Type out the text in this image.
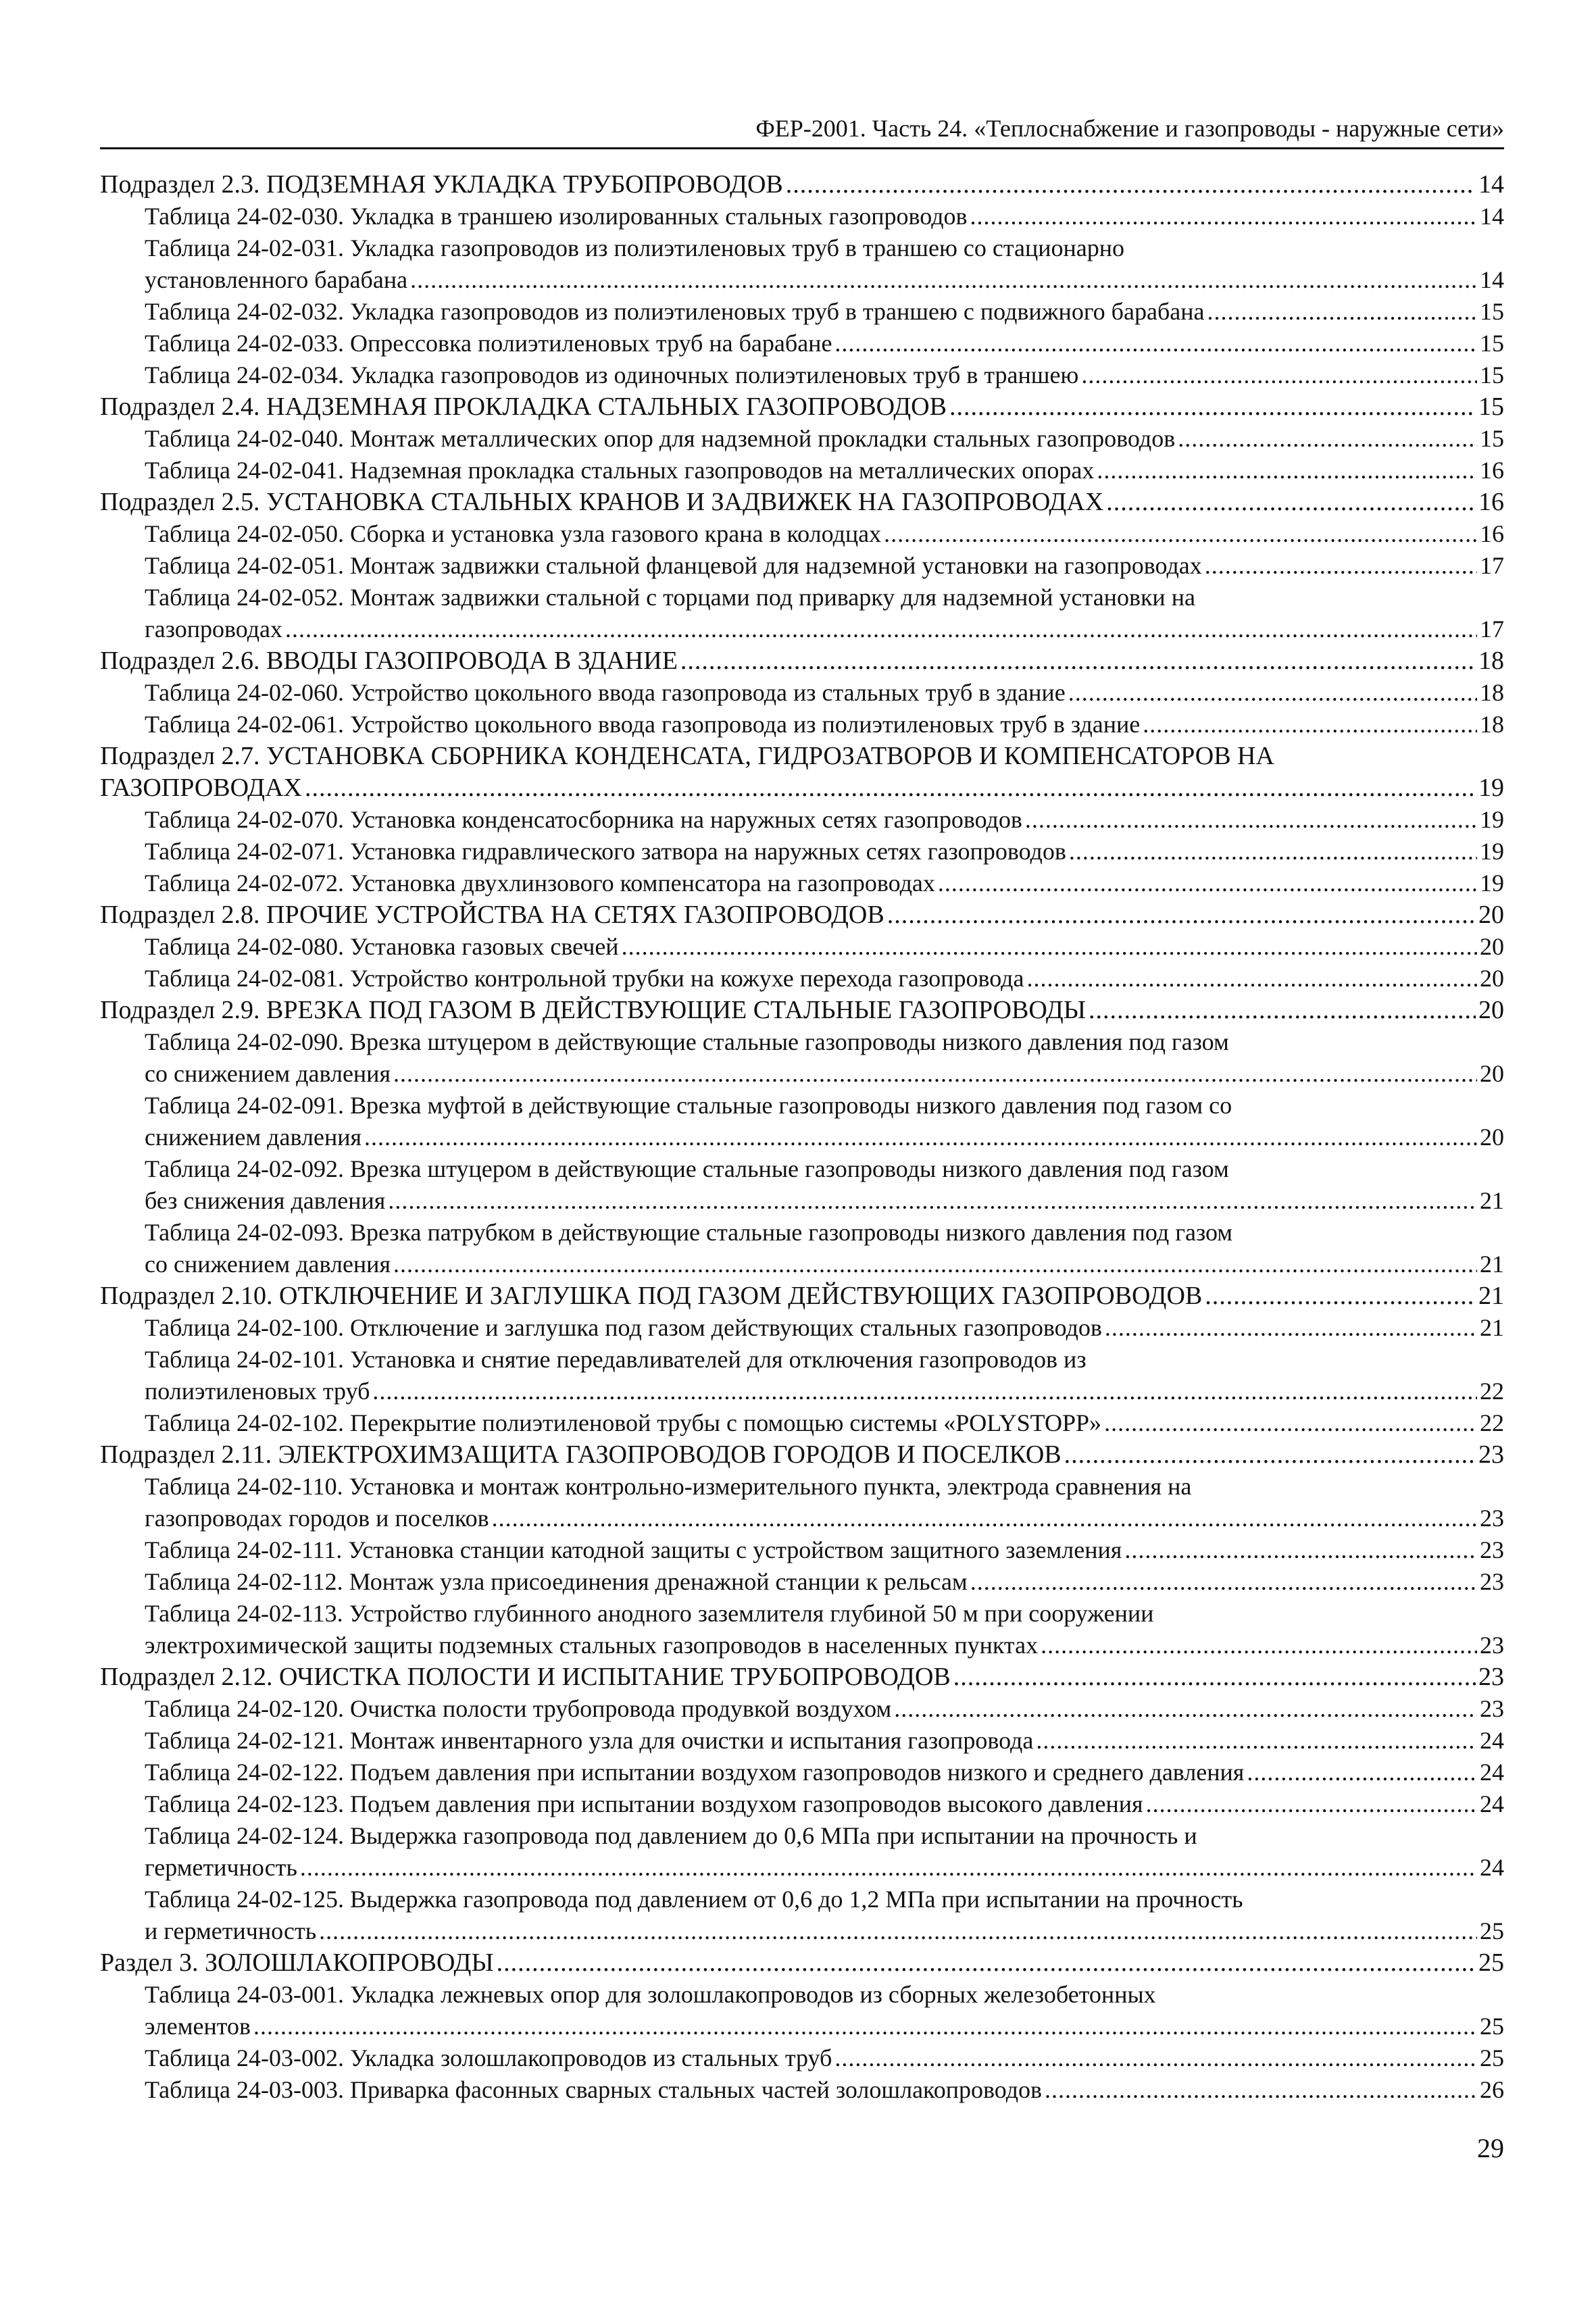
ФЕР-2001. Часть 24. «Теплоснабжение и газопроводы - наружные сети»
Подраздел 2.3. ПОДЗЕМНАЯ УКЛАДКА ТРУБОПРОВОДОВ .....	14
Таблица 24-02-030. Укладка в траншею изолированных стальных газопроводов .....	14
Таблица 24-02-031. Укладка газопроводов из полиэтиленовых труб в траншею со стационарно
установленного барабана .....	14
Таблица 24-02-032. Укладка газопроводов из полиэтиленовых труб в траншею с подвижного барабана .....	15
Таблица 24-02-033. Опрессовка полиэтиленовых труб на барабане .....	15
Таблица 24-02-034. Укладка газопроводов из одиночных полиэтиленовых труб в траншею .....	15
Подраздел 2.4. НАДЗЕМНАЯ ПРОКЛАДКА СТАЛЬНЫХ ГАЗОПРОВОДОВ .....	15
Таблица 24-02-040. Монтаж металлических опор для надземной прокладки стальных газопроводов .....	15
Таблица 24-02-041. Надземная прокладка стальных газопроводов на металлических опорах .....	16
Подраздел 2.5. УСТАНОВКА СТАЛЬНЫХ КРАНОВ И ЗАДВИЖЕК НА ГАЗОПРОВОДАХ .....	16
Таблица 24-02-050. Сборка и установка узла газового крана в колодцах .....	16
Таблица 24-02-051. Монтаж задвижки стальной фланцевой для надземной установки на газопроводах .....	17
Таблица 24-02-052. Монтаж задвижки стальной с торцами под приварку для надземной установки на
газопроводах .....	17
Подраздел 2.6. ВВОДЫ ГАЗОПРОВОДА В ЗДАНИЕ .....	18
Таблица 24-02-060. Устройство цокольного ввода газопровода из стальных труб в здание .....	18
Таблица 24-02-061. Устройство цокольного ввода газопровода из полиэтиленовых труб в здание .....	18
Подраздел 2.7. УСТАНОВКА СБОРНИКА КОНДЕНСАТА, ГИДРОЗАТВОРОВ И КОМПЕНСАТОРОВ НА
ГАЗОПРОВОДАХ .....	19
Таблица 24-02-070. Установка конденсатосборника на наружных сетях газопроводов .....	19
Таблица 24-02-071. Установка гидравлического затвора на наружных сетях газопроводов .....	19
Таблица 24-02-072. Установка двухлинзового компенсатора на газопроводах .....	19
Подраздел 2.8. ПРОЧИЕ УСТРОЙСТВА НА СЕТЯХ ГАЗОПРОВОДОВ .....	20
Таблица 24-02-080. Установка газовых свечей .....	20
Таблица 24-02-081. Устройство контрольной трубки на кожухе перехода газопровода .....	20
Подраздел 2.9. ВРЕЗКА ПОД ГАЗОМ В ДЕЙСТВУЮЩИЕ СТАЛЬНЫЕ ГАЗОПРОВОДЫ .....	20
Таблица 24-02-090. Врезка штуцером в действующие стальные газопроводы низкого давления под газом
со снижением давления .....	20
Таблица 24-02-091. Врезка муфтой в действующие стальные газопроводы низкого давления под газом со
снижением давления .....	20
Таблица 24-02-092. Врезка штуцером в действующие стальные газопроводы низкого давления под газом
без снижения давления .....	21
Таблица 24-02-093. Врезка патрубком в действующие стальные газопроводы низкого давления под газом
со снижением давления .....	21
Подраздел 2.10. ОТКЛЮЧЕНИЕ И ЗАГЛУШКА ПОД ГАЗОМ ДЕЙСТВУЮЩИХ ГАЗОПРОВОДОВ .....	21
Таблица 24-02-100. Отключение и заглушка под газом действующих стальных газопроводов .....	21
Таблица 24-02-101. Установка и снятие передавливателей для отключения газопроводов из
полиэтиленовых труб .....	22
Таблица 24-02-102. Перекрытие полиэтиленовой трубы с помощью системы «POLYSTOPP» .....	22
Подраздел 2.11. ЭЛЕКТРОХИМЗАЩИТА ГАЗОПРОВОДОВ ГОРОДОВ И ПОСЕЛКОВ .....	23
Таблица 24-02-110. Установка и монтаж контрольно-измерительного пункта, электрода сравнения на
газопроводах городов и поселков .....	23
Таблица 24-02-111. Установка станции катодной защиты с устройством защитного заземления .....	23
Таблица 24-02-112. Монтаж узла присоединения дренажной станции к рельсам .....	23
Таблица 24-02-113. Устройство глубинного анодного заземлителя глубиной 50 м при сооружении
электрохимической защиты подземных стальных газопроводов в населенных пунктах .....	23
Подраздел 2.12. ОЧИСТКА ПОЛОСТИ И ИСПЫТАНИЕ ТРУБОПРОВОДОВ .....	23
Таблица 24-02-120. Очистка полости трубопровода продувкой воздухом .....	23
Таблица 24-02-121. Монтаж инвентарного узла для очистки и испытания газопровода .....	24
Таблица 24-02-122. Подъем давления при испытании воздухом газопроводов низкого и среднего давления .....	24
Таблица 24-02-123. Подъем давления при испытании воздухом газопроводов высокого давления .....	24
Таблица 24-02-124. Выдержка газопровода под давлением до 0,6 МПа при испытании на прочность и
герметичность .....	24
Таблица 24-02-125. Выдержка газопровода под давлением от 0,6 до 1,2 МПа при испытании на прочность
и герметичность .....	25
Раздел 3. ЗОЛОШЛАКОПРОВОДЫ .....	25
Таблица 24-03-001. Укладка лежневых опор для золошлакопроводов из сборных железобетонных
элементов .....	25
Таблица 24-03-002. Укладка золошлакопроводов из стальных труб .....	25
Таблица 24-03-003. Приварка фасонных сварных стальных частей золошлакопроводов .....	26
29
